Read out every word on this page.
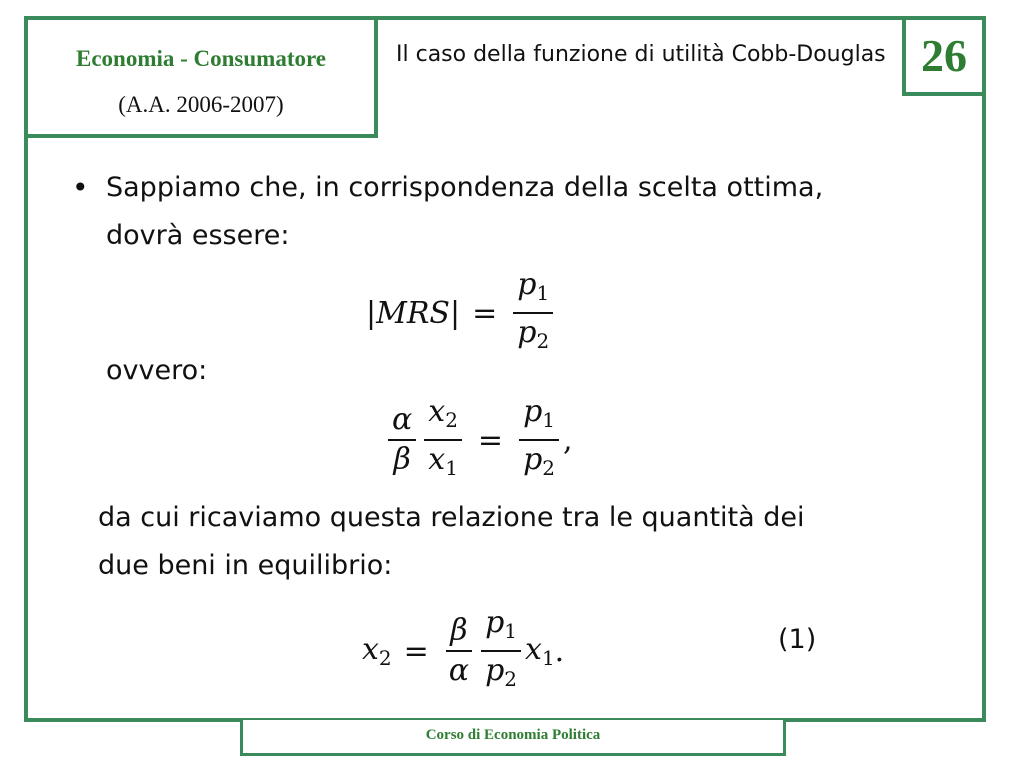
Economia - Consumatore
(A.A. 2006-2007)
Il caso della funzione di utilità Cobb-Douglas 26
• Sappiamo che, in corrispondenza della scelta ottima, dovrà essere:
$|MRS| = \frac{p_1}{p_2}$
ovvero:
$\frac{\alpha}{\beta} \frac{x_2}{x_1} = \frac{p_1}{p_2}$ ,
da cui ricaviamo questa relazione tra le quantità dei due beni in equilibrio:
$x_2 = \frac{\beta}{\alpha} \frac{p_1}{p_2} x_1$ .	(1)
Corso di Economia Politica
